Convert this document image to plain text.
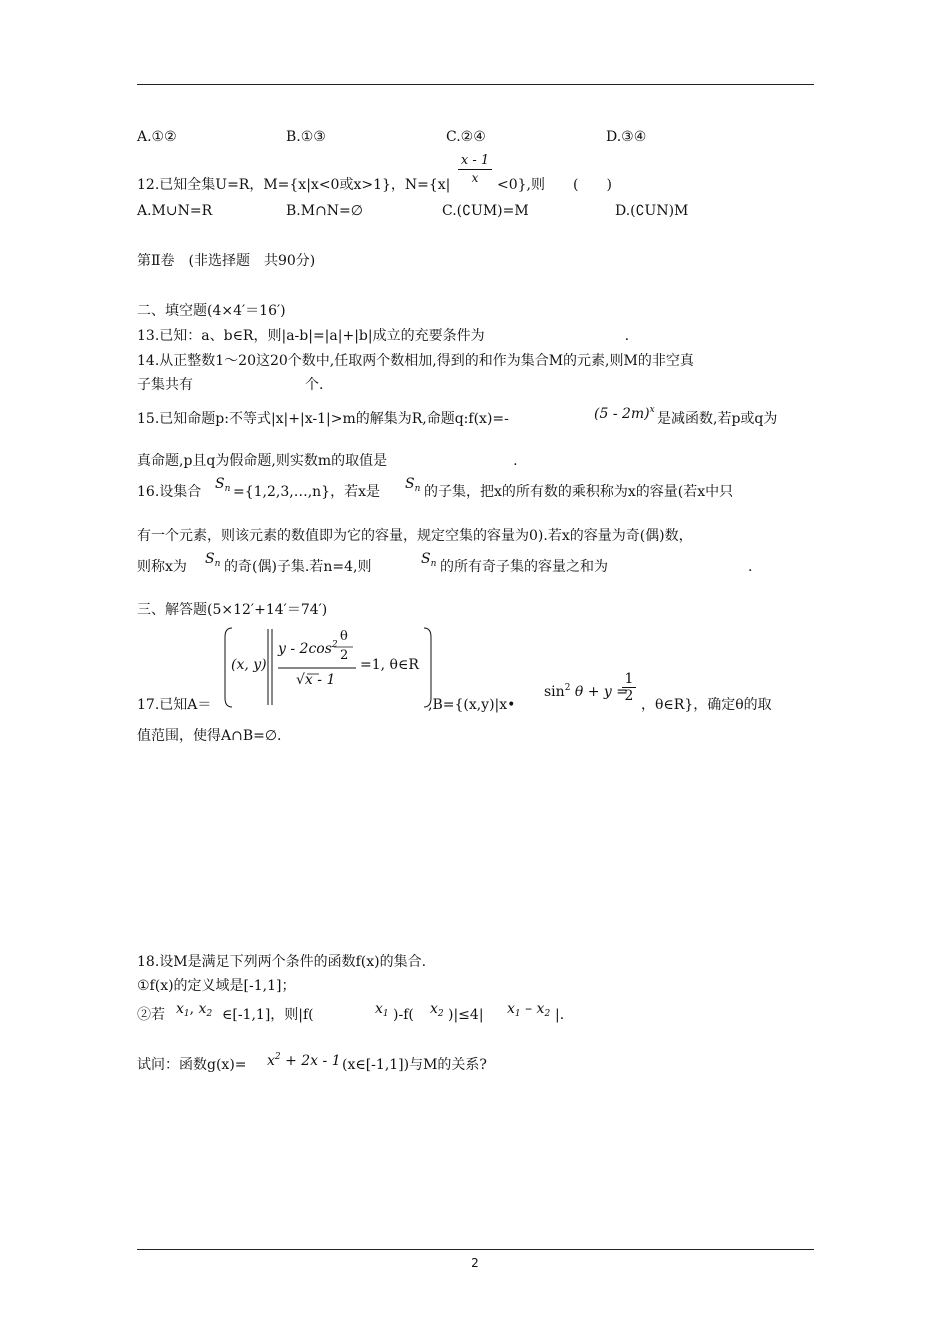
A.①②	B.①③	C.②④	D.③④
12.已知全集U=R，M={x|x<0或x>1}，$N=\{x| \frac{x - 1}{x} <0\}$,则　　(　　)
A.M∪N=R	B.M∩N=∅	C.(∁UM)=M	D.(∁UN)M
第Ⅱ卷　(非选择题　共90分)
二、填空题(4×4′＝16′)
13.已知：a、b∈R，则|a-b|=|a|+|b|成立的充要条件为　　　　　　　　　　.
14.从正整数1～20这20个数中,任取两个数相加,得到的和作为集合M的元素,则M的非空真
子集共有　　　　　　　　个.
15.已知命题p:不等式|x|+|x-1|>m的解集为R,命题q:f(x)=-	(5 - 2m)$^x$
是减函数,若p或q为
真命题,p且q为假命题,则实数m的取值是　　　　　　　　　.
16.设集合 $S_n$ ={1,2,3,…,n}，若x是 $S_n$ 的子集，把x的所有数的乘积称为x的容量(若x中只
有一个元素，则该元素的数值即为它的容量，规定空集的容量为0).若x的容量为奇(偶)数，
则称x为 $S_n$ 的奇(偶)子集.若n=4,则	$S_n$ 的所有奇子集的容量之和为　　　　　　　　　　.
三、解答题(5×12′+14′＝74′)
17.已知A＝
(x, y)
y - $2\cos^2$
θ
2
√x - 1
=1, θ∈R
,B={(x,y)|x•
$\sin^2 \theta + y$ =
$\frac{1}{2}$
，θ∈R}，确定θ的取
值范围，使得A∩B=∅.
18.设M是满足下列两个条件的函数f(x)的集合.
①f(x)的定义域是[-1,1]；
②若 $x_1$, $x_2$ ∈[-1,1]，则|f(	$x_1$ )-f( $x_2$ )|≤4| $x_1 - x_2$ |.
试问：函数$g(x)= x^2 + 2x - 1$ (x∈[-1,1])与M的关系?
2
